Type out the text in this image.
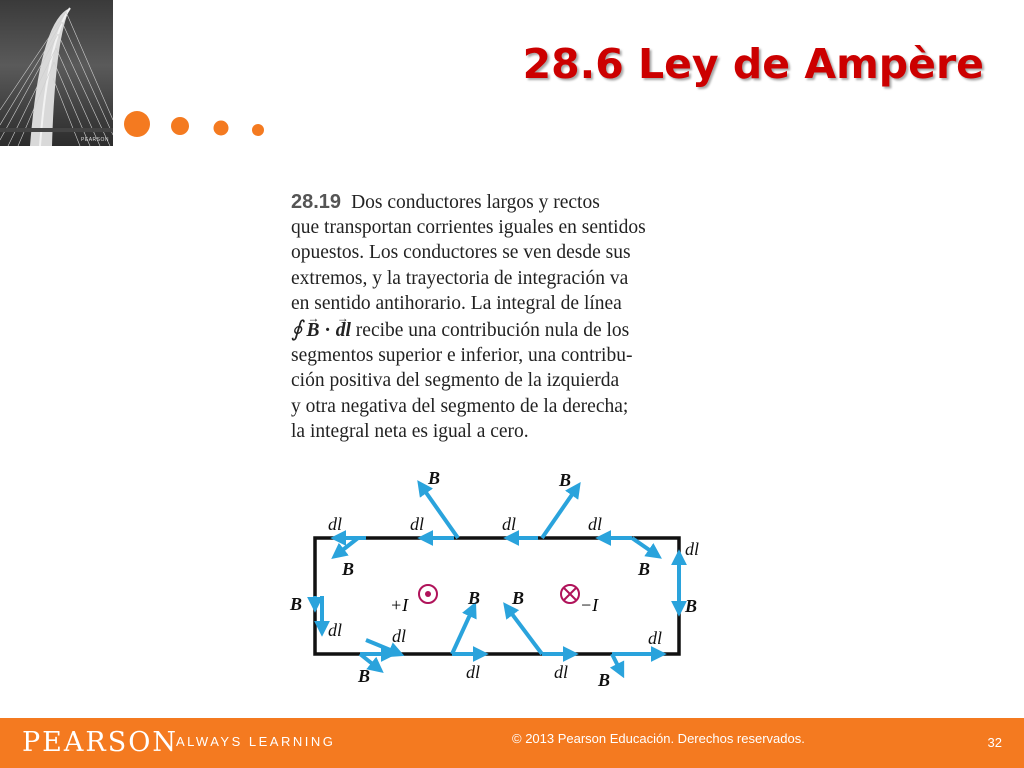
PEARSON
28.6 Ley de Ampère
28.19 Dos conductores largos y rectos
que transportan corrientes iguales en sentidos
opuestos. Los conductores se ven desde sus
extremos, y la trayectoria de integración va
en sentido antihorario. La integral de línea
∮→ B · → dl recibe una contribución nula de los
segmentos superior e inferior, una contribu-
ción positiva del segmento de la izquierda
y otra negativa del segmento de la derecha;
la integral neta es igual a cero.
+I	−I
B	B
dl	dl	dl	dl
B	B
dl
B
dl	dl
B B	B
dl
B	dl	dl B
PEARSON
ALWAYS LEARNING	© 2013 Pearson Educación. Derechos reservados.	32
